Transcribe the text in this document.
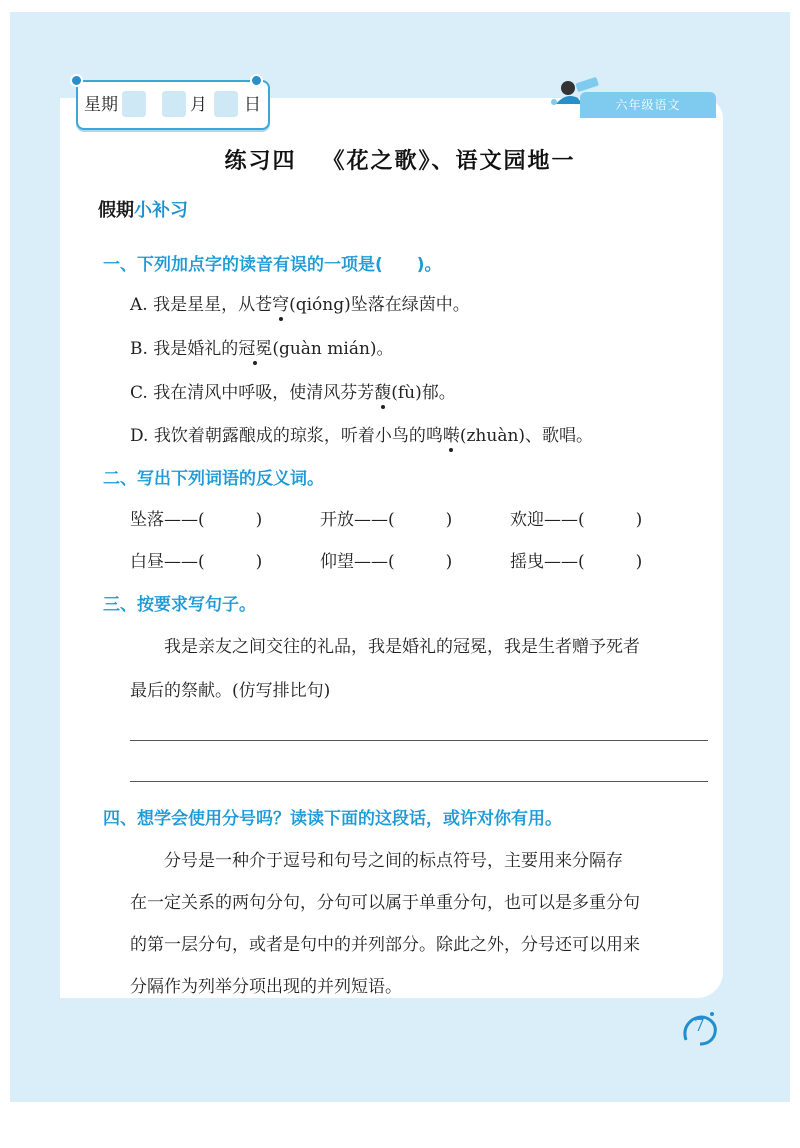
星期	月 日	六年级语文
练习四 《花之歌》、语文园地一
假期小补习
一、下列加点字的读音有误的一项是(　　)。
A. 我是星星，从苍穹(qióng)坠落在绿茵中。
B. 我是婚礼的冠冕(guàn mián)。
C. 我在清风中呼吸，使清风芬芳馥(fù)郁。
D. 我饮着朝露酿成的琼浆，听着小鸟的鸣啭(zhuàn)、歌唱。
二、写出下列词语的反义词。
坠落——(　　　)	开放——(　　　)	欢迎——(　　　)
白昼——(　　　)	仰望——(　　　)	摇曳——(　　　)
三、按要求写句子。
我是亲友之间交往的礼品，我是婚礼的冠冕，我是生者赠予死者
最后的祭献。(仿写排比句)
四、想学会使用分号吗？读读下面的这段话，或许对你有用。
分号是一种介于逗号和句号之间的标点符号，主要用来分隔存
在一定关系的两句分句，分句可以属于单重分句，也可以是多重分句
的第一层分句，或者是句中的并列部分。除此之外，分号还可以用来
分隔作为列举分项出现的并列短语。
7
